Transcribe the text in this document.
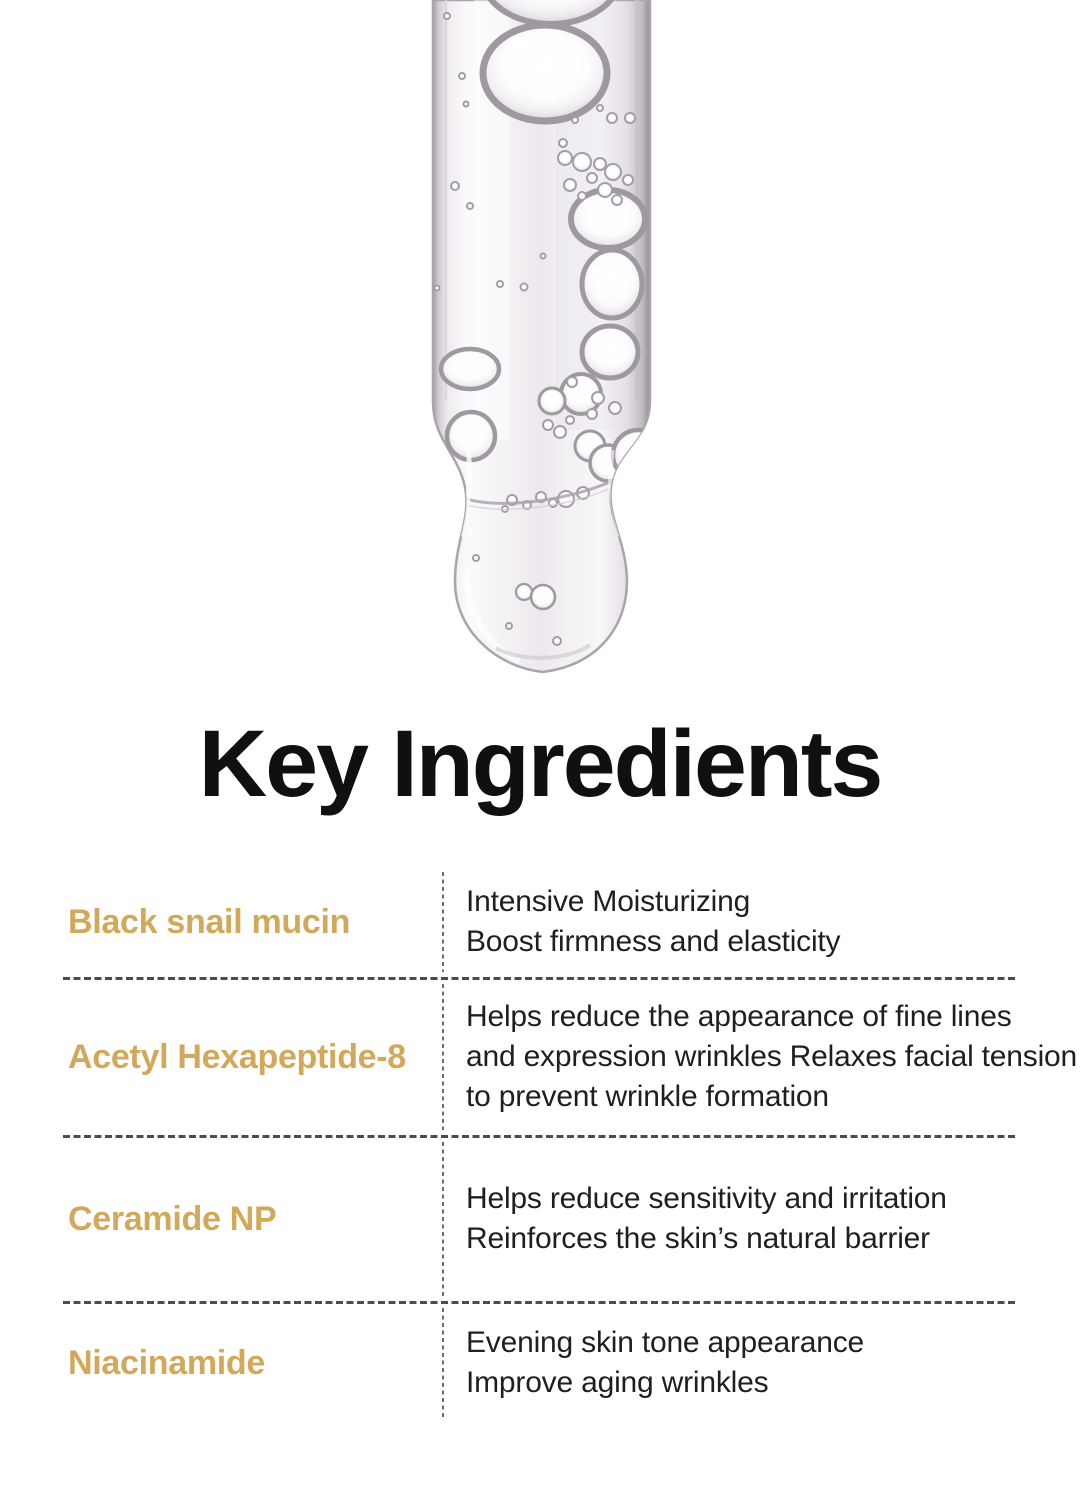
Key Ingredients
Black snail mucin
Intensive Moisturizing
Boost firmness and elasticity
Acetyl Hexapeptide-8
Helps reduce the appearance of fine lines
and expression wrinkles Relaxes facial tension
to prevent wrinkle formation
Ceramide NP
Helps reduce sensitivity and irritation
Reinforces the skin’s natural barrier
Niacinamide
Evening skin tone appearance
Improve aging wrinkles
